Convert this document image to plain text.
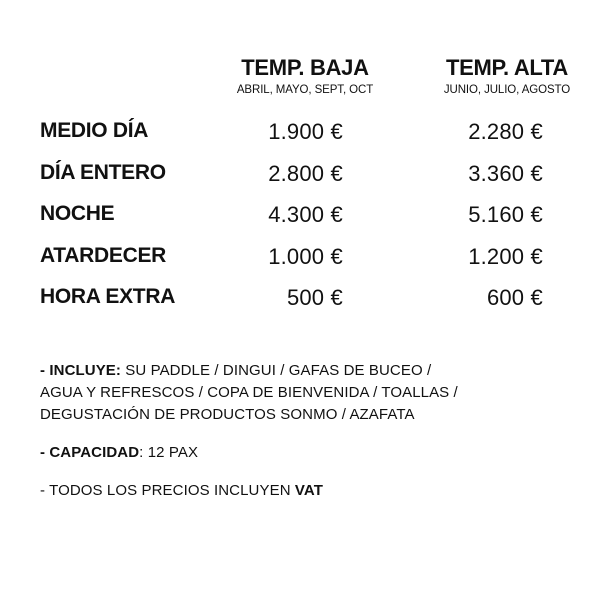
TEMP. BAJA
ABRIL, MAYO, SEPT, OCT
TEMP. ALTA
JUNIO, JULIO, AGOSTO
MEDIO DÍA	1.900 €	2.280 €
DÍA ENTERO	2.800 €	3.360 €
NOCHE	4.300 €	5.160 €
ATARDECER	1.000 €	1.200 €
HORA EXTRA	500 €	600 €

- INCLUYE: SU PADDLE / DINGUI / GAFAS DE BUCEO /
AGUA Y REFRESCOS / COPA DE BIENVENIDA / TOALLAS /
DEGUSTACIÓN DE PRODUCTOS SONMO / AZAFATA

- CAPACIDAD: 12 PAX

- TODOS LOS PRECIOS INCLUYEN VAT
